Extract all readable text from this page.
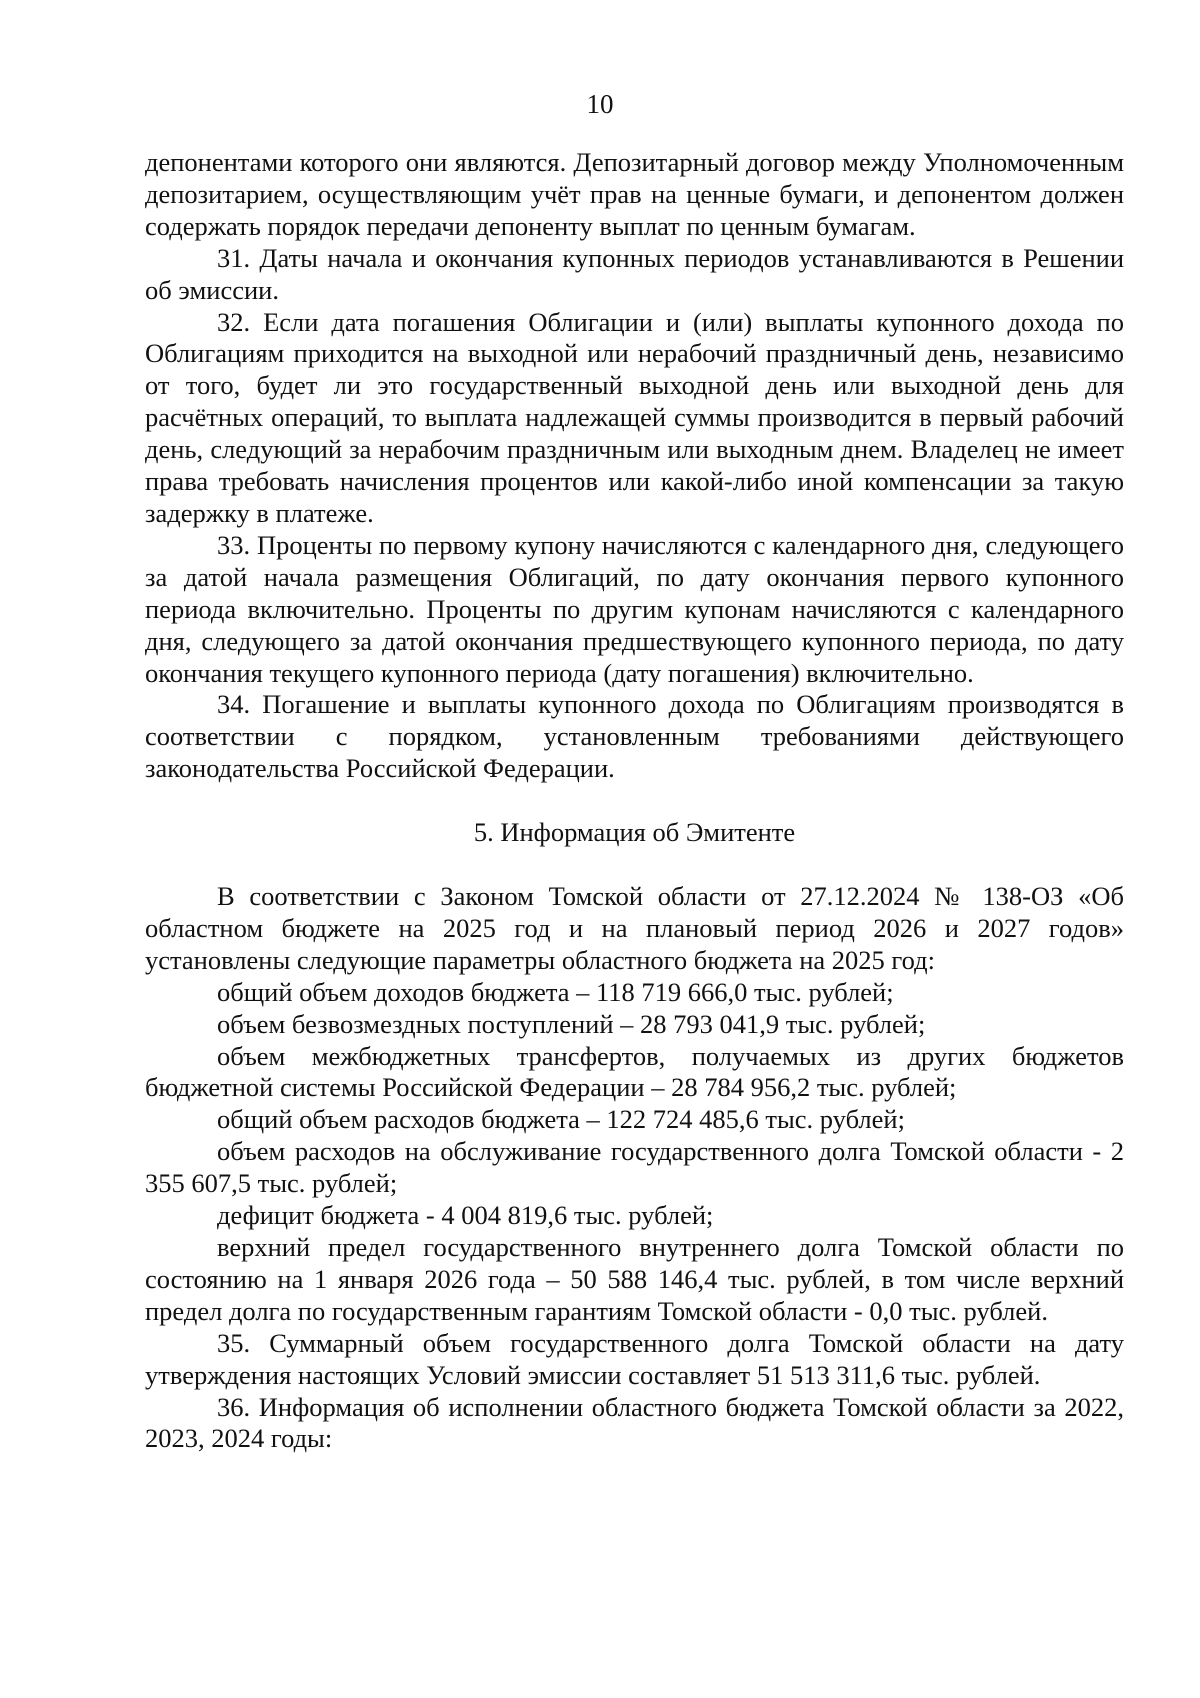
10

депонентами которого они являются. Депозитарный договор между Уполномоченным депозитарием, осуществляющим учёт прав на ценные бумаги, и депонентом должен содержать порядок передачи депоненту выплат по ценным бумагам.

31. Даты начала и окончания купонных периодов устанавливаются в Решении об эмиссии.

32. Если дата погашения Облигации и (или) выплаты купонного дохода по Облигациям приходится на выходной или нерабочий праздничный день, независимо от того, будет ли это государственный выходной день или выходной день для расчётных операций, то выплата надлежащей суммы производится в первый рабочий день, следующий за нерабочим праздничным или выходным днем. Владелец не имеет права требовать начисления процентов или какой-либо иной компенсации за такую задержку в платеже.

33. Проценты по первому купону начисляются с календарного дня, следующего за датой начала размещения Облигаций, по дату окончания первого купонного периода включительно. Проценты по другим купонам начисляются с календарного дня, следующего за датой окончания предшествующего купонного периода, по дату окончания текущего купонного периода (дату погашения) включительно.

34. Погашение и выплаты купонного дохода по Облигациям производятся в соответствии с порядком, установленным требованиями действующего законодательства Российской Федерации.

5. Информация об Эмитенте

В соответствии с Законом Томской области от 27.12.2024 № 138-ОЗ «Об областном бюджете на 2025 год и на плановый период 2026 и 2027 годов» установлены следующие параметры областного бюджета на 2025 год:

общий объем доходов бюджета – 118 719 666,0 тыс. рублей;

объем безвозмездных поступлений – 28 793 041,9 тыс. рублей;

объем межбюджетных трансфертов, получаемых из других бюджетов бюджетной системы Российской Федерации – 28 784 956,2 тыс. рублей;

общий объем расходов бюджета – 122 724 485,6 тыс. рублей;

объем расходов на обслуживание государственного долга Томской области - 2 355 607,5 тыс. рублей;

дефицит бюджета - 4 004 819,6 тыс. рублей;

верхний предел государственного внутреннего долга Томской области по состоянию на 1 января 2026 года – 50 588 146,4 тыс. рублей, в том числе верхний предел долга по государственным гарантиям Томской области - 0,0 тыс. рублей.

35. Суммарный объем государственного долга Томской области на дату утверждения настоящих Условий эмиссии составляет 51 513 311,6 тыс. рублей.

36. Информация об исполнении областного бюджета Томской области за 2022, 2023, 2024 годы:
